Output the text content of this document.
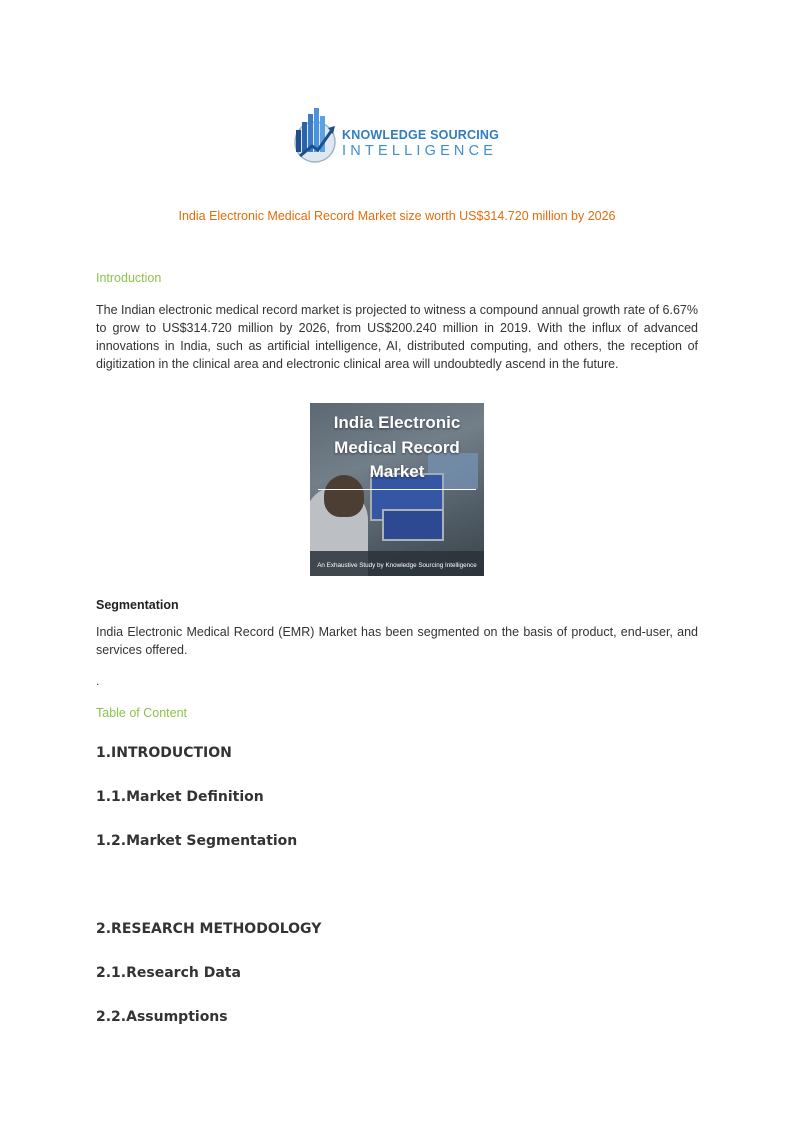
KNOWLEDGE SOURCING
INTELLIGENCE
India Electronic Medical Record Market size worth US$314.720 million by 2026
Introduction
The Indian electronic medical record market is projected to witness a compound annual growth rate of 6.67% to grow to US$314.720 million by 2026, from US$200.240 million in 2019. With the influx of advanced innovations in India, such as artificial intelligence, AI, distributed computing, and others, the reception of digitization in the clinical area and electronic clinical area will undoubtedly ascend in the future.
India Electronic
Medical Record
Market
An Exhaustive Study by Knowledge Sourcing Intelligence
Segmentation
India Electronic Medical Record (EMR) Market has been segmented on the basis of product, end-user, and services offered.
.
Table of Content
1.INTRODUCTION
1.1.Market Definition
1.2.Market Segmentation
2.RESEARCH METHODOLOGY
2.1.Research Data
2.2.Assumptions
